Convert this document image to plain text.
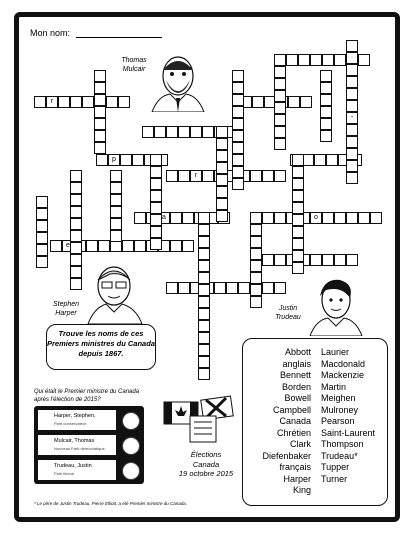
Mon nom:
r
p
r
a	o
e
-
Thomas Mulcair
Stephen Harper
Justin Trudeau
Trouve les noms de ces Premiers ministres du Canada depuis 1867.	Abbott
anglais
Bennett
Borden
Bowell
Campbell
Canada
Chrétien
Clark
Diefenbaker
français
Harper
King
Laurier
Macdonald
Mackenzie
Martin
Meighen
Mulroney
Pearson
Saint-Laurent
Thompson
Trudeau*
Tupper
Turner
Qui était le Premier ministre du Canada après l'élection de 2015?
Harper, Stephen,
Parti conservateur
Mulcair, Thomas
Nouveau Parti démocratique
Trudeau, Justin
Parti libéral
Élections
Canada
19 octobre 2015
* Le père de Justin Trudeau, Pierre Elliott, a été Premier ministre du Canada.
